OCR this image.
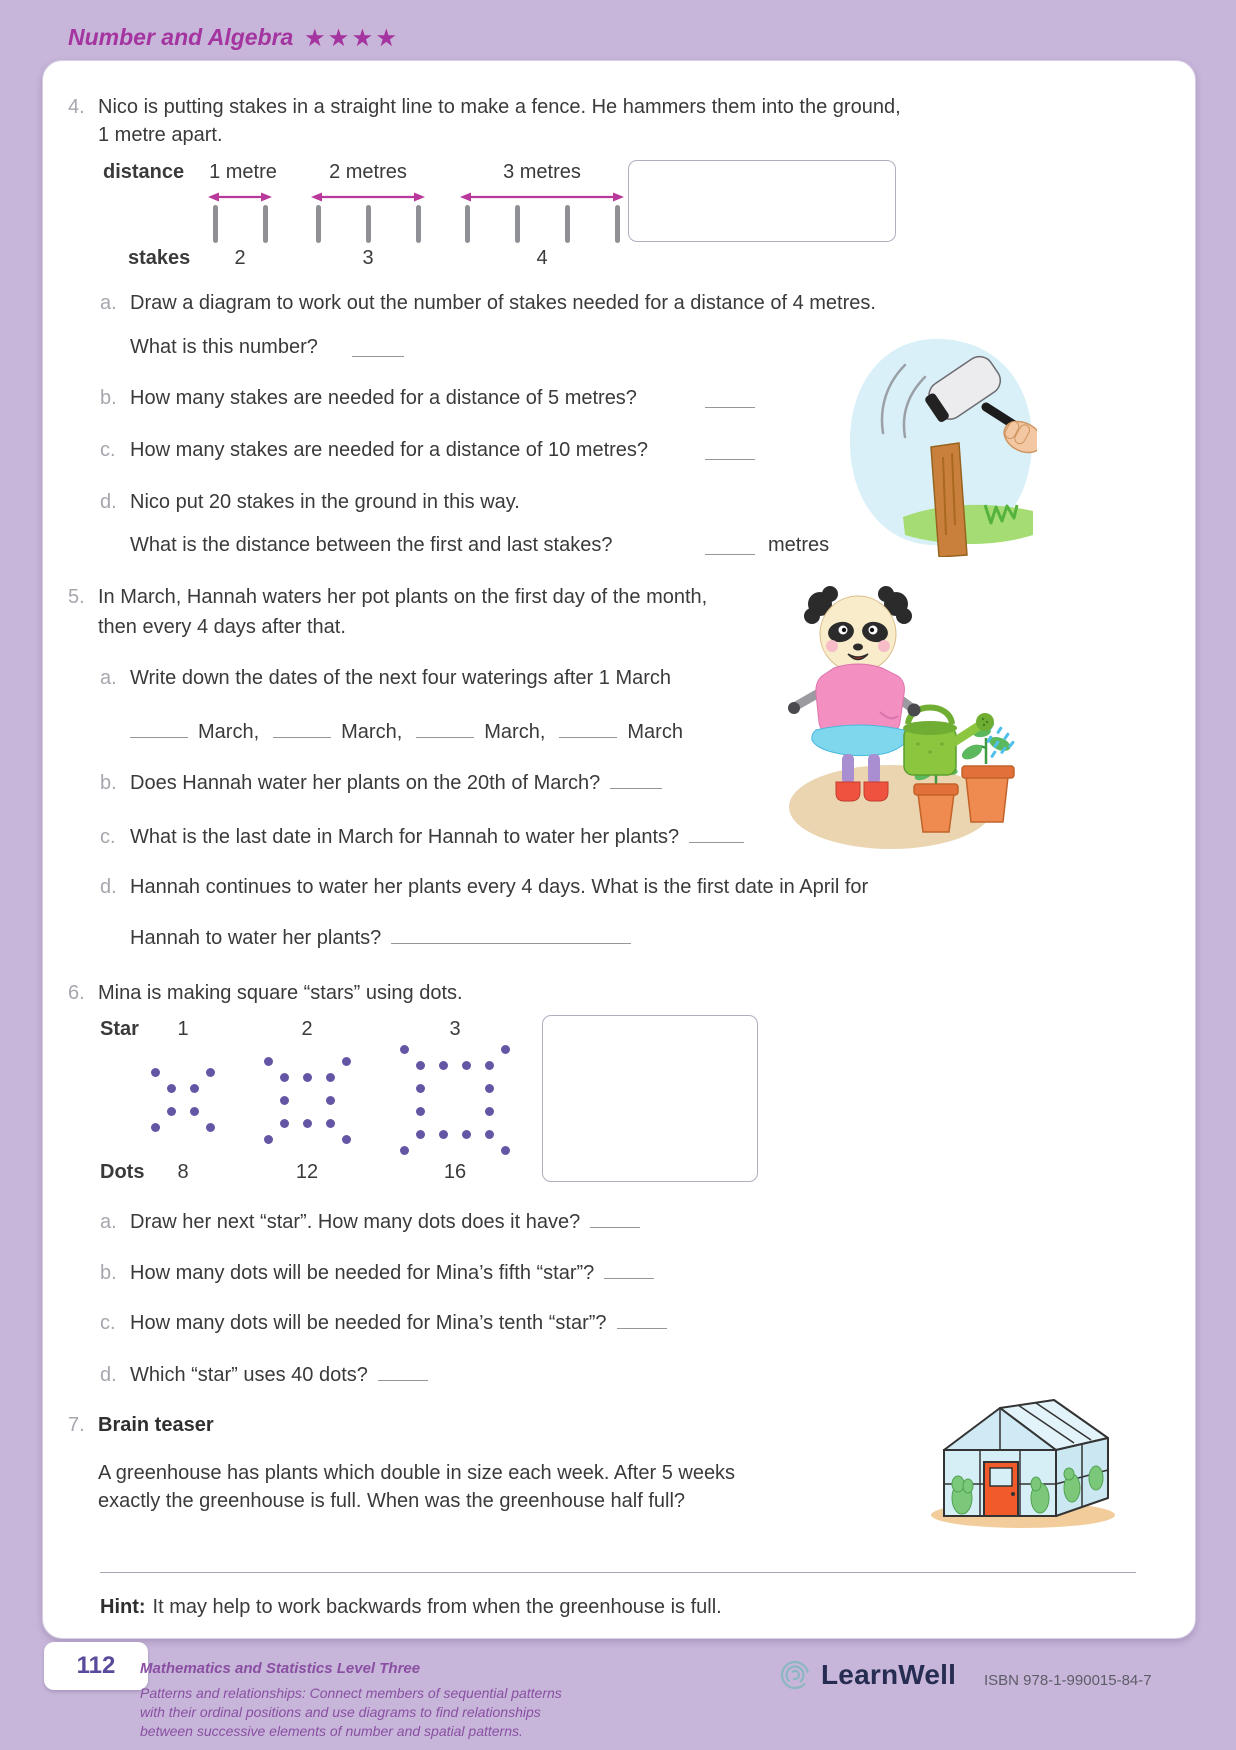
Number and Algebra ★★★★
4. Nico is putting stakes in a straight line to make a fence. He hammers them into the ground,
1 metre apart.
distance 1 metre	2 metres	3 metres
stakes 2	3	4
a. Draw a diagram to work out the number of stakes needed for a distance of 4 metres.
What is this number?
b. How many stakes are needed for a distance of 5 metres?
c. How many stakes are needed for a distance of 10 metres?
d. Nico put 20 stakes in the ground in this way.
What is the distance between the first and last stakes?	metres
5. In March, Hannah waters her pot plants on the first day of the month,
then every 4 days after that.
a. Write down the dates of the next four waterings after 1 March
March,	March,	March,	March
b. Does Hannah water her plants on the 20th of March?
c. What is the last date in March for Hannah to water her plants?
d. Hannah continues to water her plants every 4 days. What is the first date in April for
Hannah to water her plants?
6. Mina is making square “stars” using dots.
Star 1	2	3
Dots 8	12	16
a. Draw her next “star”. How many dots does it have?
b. How many dots will be needed for Mina’s fifth “star”?
c. How many dots will be needed for Mina’s tenth “star”?
d. Which “star” uses 40 dots?
7. Brain teaser
A greenhouse has plants which double in size each week. After 5 weeks
exactly the greenhouse is full. When was the greenhouse half full?
Hint: It may help to work backwards from when the greenhouse is full.
112 Mathematics and Statistics Level Three
Patterns and relationships: Connect members of sequential patterns
with their ordinal positions and use diagrams to find relationships
between successive elements of number and spatial patterns.
LearnWell ISBN 978-1-990015-84-7
